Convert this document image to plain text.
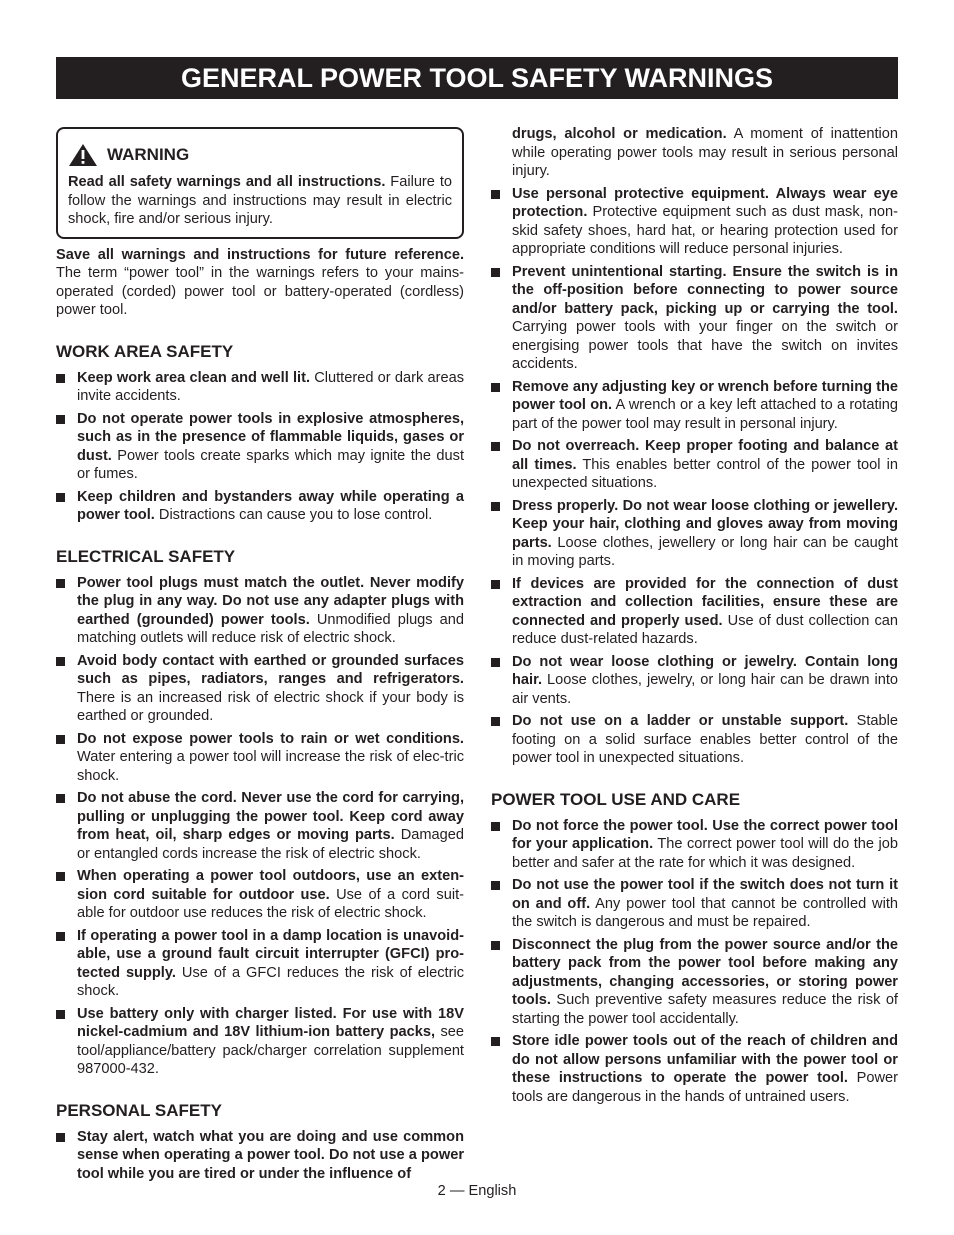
GENERAL POWER TOOL SAFETY WARNINGS
WARNING

Read all safety warnings and all instructions. Failure to follow the warnings and instructions may result in electric shock, fire and/or serious injury.

Save all warnings and instructions for future reference. The term “power tool” in the warnings refers to your mains-operated (corded) power tool or battery-operated (cordless) power tool.

WORK AREA SAFETY
Keep work area clean and well lit. Cluttered or dark areas invite accidents.
Do not operate power tools in explosive atmospheres, such as in the presence of flammable liquids, gases or dust. Power tools create sparks which may ignite the dust or fumes.
Keep children and bystanders away while operating a power tool. Distractions can cause you to lose control.
ELECTRICAL SAFETY
Power tool plugs must match the outlet. Never modify the plug in any way. Do not use any adapter plugs with earthed (grounded) power tools. Unmodified plugs and matching outlets will reduce risk of electric shock.
Avoid body contact with earthed or grounded surfaces such as pipes, radiators, ranges and refrigerators. There is an increased risk of electric shock if your body is earthed or grounded.
Do not expose power tools to rain or wet conditions. Water entering a power tool will increase the risk of elec-tric shock.
Do not abuse the cord. Never use the cord for carrying, pulling or unplugging the power tool. Keep cord away from heat, oil, sharp edges or moving parts. Damaged or entangled cords increase the risk of electric shock.
When operating a power tool outdoors, use an exten-sion cord suitable for outdoor use. Use of a cord suit-able for outdoor use reduces the risk of electric shock.
If operating a power tool in a damp location is unavoid-able, use a ground fault circuit interrupter (GFCI) pro-tected supply. Use of a GFCI reduces the risk of electric shock.
Use battery only with charger listed. For use with 18V nickel-cadmium and 18V lithium-ion battery packs, see tool/appliance/battery pack/charger correlation supplement 987000-432.
PERSONAL SAFETY
Stay alert, watch what you are doing and use common sense when operating a power tool. Do not use a power tool while you are tired or under the influence of

drugs, alcohol or medication. A moment of inattention while operating power tools may result in serious personal injury.

Use personal protective equipment. Always wear eye protection. Protective equipment such as dust mask, non-skid safety shoes, hard hat, or hearing protection used for appropriate conditions will reduce personal injuries.
Prevent unintentional starting. Ensure the switch is in the off-position before connecting to power source and/or battery pack, picking up or carrying the tool. Carrying power tools with your finger on the switch or energising power tools that have the switch on invites accidents.
Remove any adjusting key or wrench before turning the power tool on. A wrench or a key left attached to a rotating part of the power tool may result in personal injury.
Do not overreach. Keep proper footing and balance at all times. This enables better control of the power tool in unexpected situations.
Dress properly. Do not wear loose clothing or jewellery. Keep your hair, clothing and gloves away from moving parts. Loose clothes, jewellery or long hair can be caught in moving parts.
If devices are provided for the connection of dust extraction and collection facilities, ensure these are connected and properly used. Use of dust collection can reduce dust-related hazards.
Do not wear loose clothing or jewelry. Contain long hair. Loose clothes, jewelry, or long hair can be drawn into air vents.
Do not use on a ladder or unstable support. Stable footing on a solid surface enables better control of the power tool in unexpected situations.
POWER TOOL USE AND CARE
Do not force the power tool. Use the correct power tool for your application. The correct power tool will do the job better and safer at the rate for which it was designed.
Do not use the power tool if the switch does not turn it on and off. Any power tool that cannot be controlled with the switch is dangerous and must be repaired.
Disconnect the plug from the power source and/or the battery pack from the power tool before making any adjustments, changing accessories, or storing power tools. Such preventive safety measures reduce the risk of starting the power tool accidentally.
Store idle power tools out of the reach of children and do not allow persons unfamiliar with the power tool or these instructions to operate the power tool. Power tools are dangerous in the hands of untrained users.
2 — English
